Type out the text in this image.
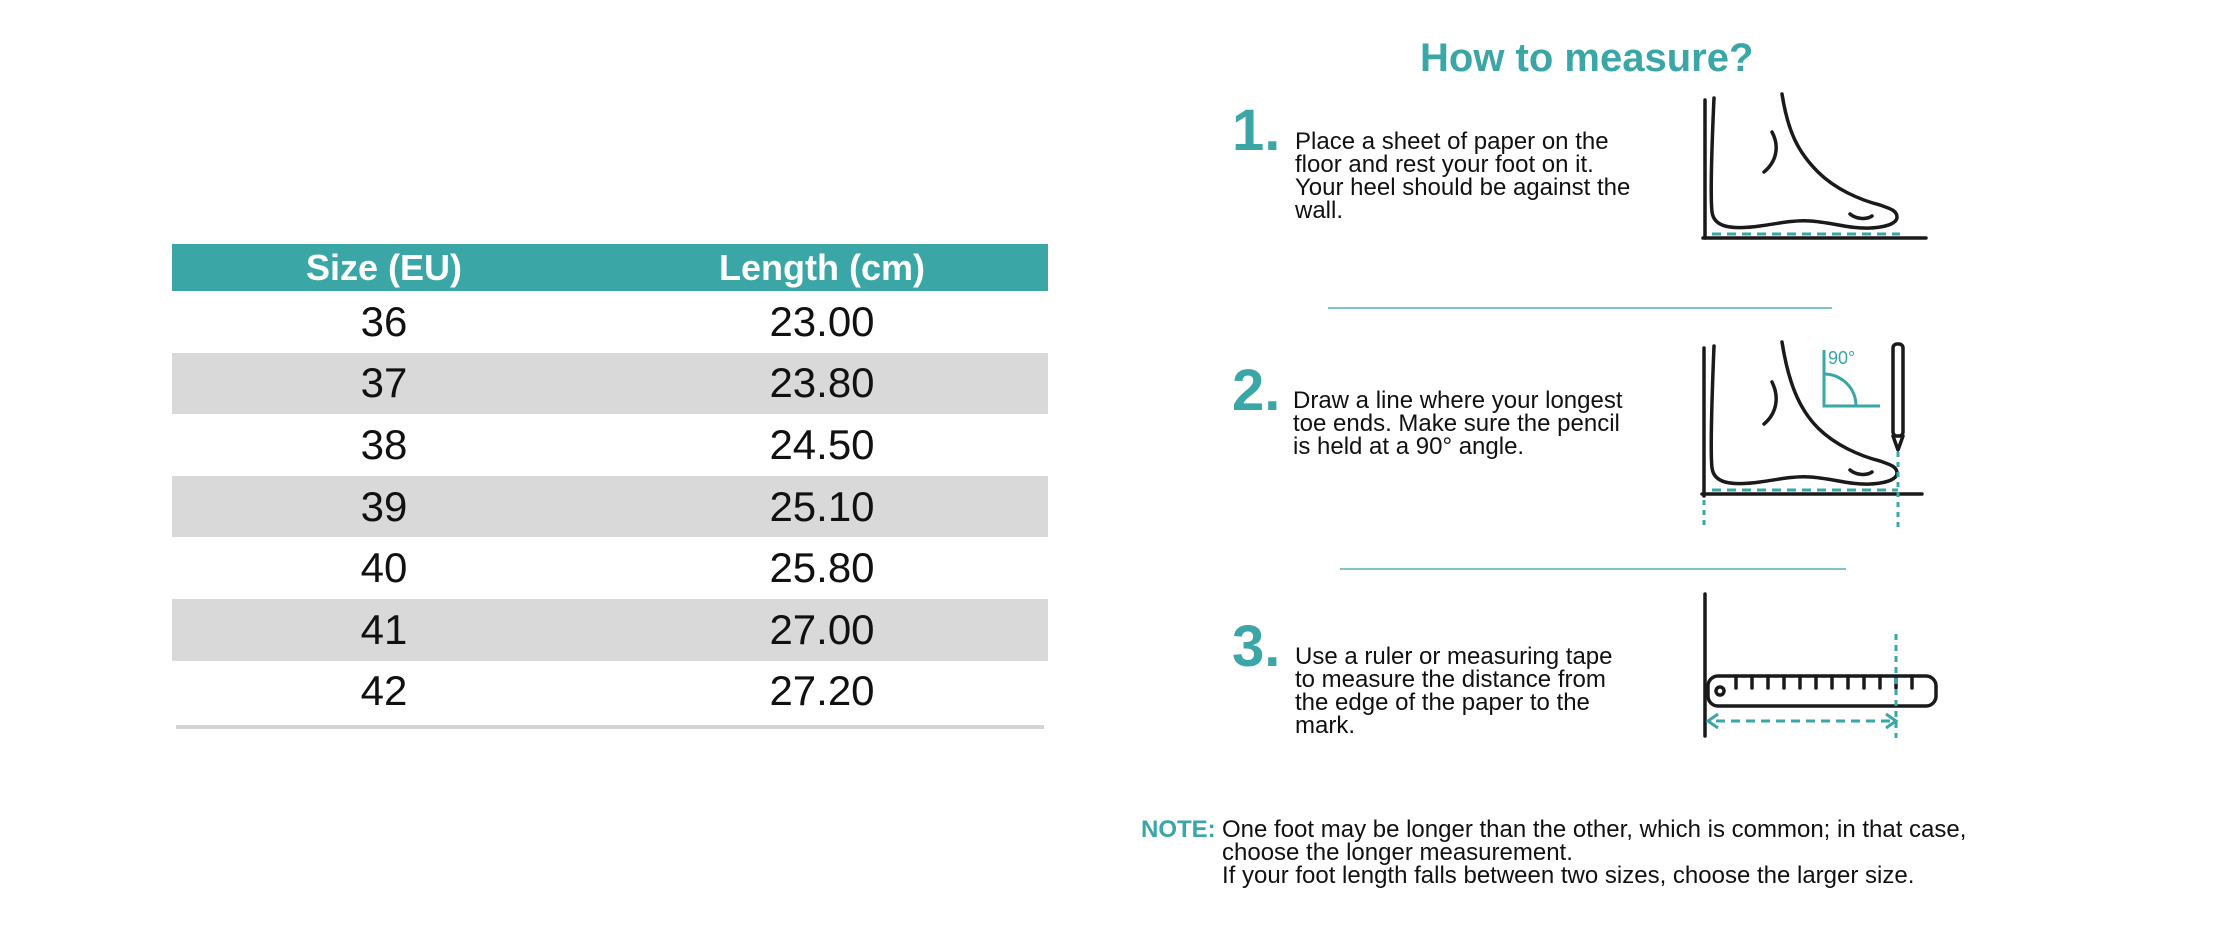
Size (EU)	Length (cm)
36	23.00
37	23.80
38	24.50
39	25.10
40	25.80
41	27.00
42	27.20
How to measure?
1. Place a sheet of paper on the
floor and rest your foot on it.
Your heel should be against the
wall.
2. Draw a line where your longest
toe ends. Make sure the pencil
is held at a 90° angle.
90°
3. Use a ruler or measuring tape
to measure the distance from
the edge of the paper to the
mark.
NOTE: One foot may be longer than the other, which is common; in that case,
choose the longer measurement.
If your foot length falls between two sizes, choose the larger size.
